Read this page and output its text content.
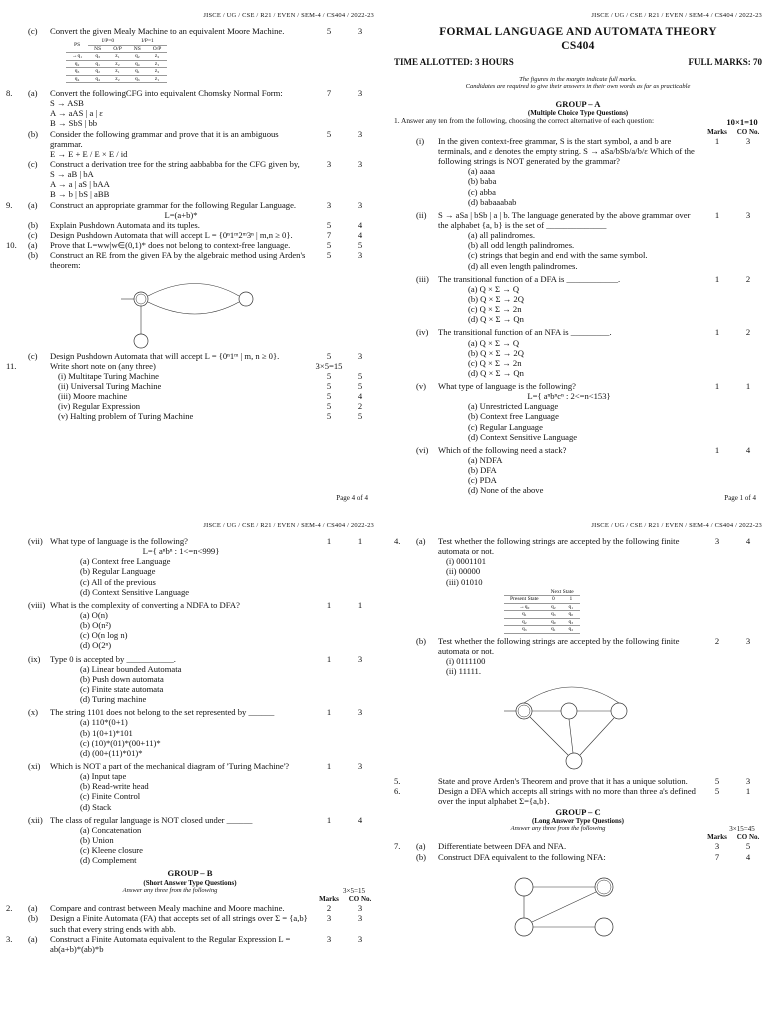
JISCE / UG / CSE / R21 / EVEN / SEM-4 / CS404 / 2022-23
(c)	Convert the given Mealy Machine to an equivalent Moore Machine.	5	3
PS	I/P=0		I/P=1	
	NS	O/P	NS	O/P
→q₁	q₃	z₁	q₂	z₂
q₂	q₁	z₂	q₄	z₁
q₃	q₂	z₁	q₁	z₂
q₄	q₄	z₂	q₃	z₁
8.	(a)	Convert the followingCFG into equivalent Chomsky Normal Form:
S → ASB
A → aAS | a | ε
B → SbS | bb
7	3
(b)	Consider the following grammar and prove that it is an ambiguous grammar.
E → E + E / E × E / id
5	3
(c)	Construct a derivation tree for the string aabbabba for the CFG given by,
S → aB | bA
A → a | aS | bAA
B → b | bS | aBB
3	3
9.	(a)	Construct an appropriate grammar for the following Regular Language.
L=(a+b)*
3	3
(b)	Explain Pushdown Automata and its tuples.	5	4
(c)	Design Pushdown Automata that will accept L = {0ⁿ1ᵐ2ᵐ3ⁿ | m,n ≥ 0}.	7	4
10.	(a)	Prove that L=ww|w∈(0,1)* does not belong to context-free language.	5	5
(b)	Construct an RE from the given FA by the algebraic method using Arden's theorem:
5	3
(c)	Design Pushdown Automata that will accept L = {0ⁿ1ᵐ | m, n ≥ 0}.	5	3
11.	Write short note on (any three)	3×5=15
(i) Multitape Turing Machine	5	5
(ii) Universal Turing Machine	5	5
(iii) Moore machine	5	4
(iv) Regular Expression	5	2
(v) Halting problem of Turing Machine	5	5
Page 4 of 4
JISCE / UG / CSE / R21 / EVEN / SEM-4 / CS404 / 2022-23
FORMAL LANGUAGE AND AUTOMATA THEORY
CS404
TIME ALLOTTED: 3 HOURS	FULL MARKS: 70
The figures in the margin indicate full marks.
Candidates are required to give their answers in their own words as far as practicable
GROUP – A
(Multiple Choice Type Questions)
1. Answer any ten from the following, choosing the correct alternative of each question:	10×1=10
Marks	CO No.
(i)	In the given context-free grammar, S is the start symbol, a and b are terminals, and ε denotes the empty string. S → aSa/bSb/a/b/ε Which of the following strings is NOT generated by the grammar?
(a) aaaa
(b) baba
(c) abba
(d) babaaabab
1	3
(ii)	S → aSa | bSb | a | b. The language generated by the above grammar over the alphabet {a, b} is the set of ______________
(a) all palindromes.
(b) all odd length palindromes.
(c) strings that begin and end with the same symbol.
(d) all even length palindromes.
1	3
(iii)	The transitional function of a DFA is ____________.
(a) Q × Σ → Q
(b) Q × Σ → 2Q
(c) Q × Σ → 2n
(d) Q × Σ → Qn
1	2
(iv)	The transitional function of an NFA is _________.
(a) Q × Σ → Q
(b) Q × Σ → 2Q
(c) Q × Σ → 2n
(d) Q × Σ → Qn
1	2
(v)	What type of language is the following?
L={ aⁿbⁿcⁿ : 2<=n<153}
(a) Unrestricted Language
(b) Context free Language
(c) Regular Language
(d) Context Sensitive Language
1	1
(vi)	Which of the following need a stack?
(a) NDFA
(b) DFA
(c) PDA
(d) None of the above
1	4
Page 1 of 4
JISCE / UG / CSE / R21 / EVEN / SEM-4 / CS404 / 2022-23
(vii) What type of language is the following?
L={ aⁿbⁿ : 1<=n<999}
(a) Context free Language
(b) Regular Language
(c) All of the previous
(d) Context Sensitive Language
1	1
(viii) What is the complexity of converting a NDFA to DFA?
(a) O(n)
(b) O(n²)
(c) O(n log n)
(d) O(2ⁿ)
1	1
(ix)	Type 0 is accepted by ___________.
(a) Linear bounded Automata
(b) Push down automata
(c) Finite state automata
(d) Turing machine
1	3
(x)	The string 1101 does not belong to the set represented by ______
(a) 110*(0+1)
(b) 1(0+1)*101
(c) (10)*(01)*(00+11)*
(d) (00+(11)*01)*
1	3
(xi)	Which is NOT a part of the mechanical diagram of 'Turing Machine'?
(a) Input tape
(b) Read-write head
(c) Finite Control
(d) Stack
1	3
(xii) The class of regular language is NOT closed under ______
(a) Concatenation
(b) Union
(c) Kleene closure
(d) Complement
1	4
GROUP – B
(Short Answer Type Questions)
Answer any three from the following	3×5=15
Marks	CO No.
2.	(a)	Compare and contrast between Mealy machine and Moore machine.	2	3
(b)	Design a Finite Automata (FA) that accepts set of all strings over Σ = {a,b} such that every string ends with abb.
3	3
3.	(a)	Construct a Finite Automata equivalent to the Regular Expression L = ab(a+b)*(ab)*b
3	3
JISCE / UG / CSE / R21 / EVEN / SEM-4 / CS404 / 2022-23
4.	(a)	Test whether the following strings are accepted by the following finite automata or not.
(i) 0001101
(ii) 00000
(iii) 01010
3	4
	Next State	
Present State	0	1
→q₀	q₂	q₁
q₁	q₃	q₀
q₂	q₀	q₃
q₃	q₁	q₂
(b)	Test whether the following strings are accepted by the following finite automata or not.
(i) 0111100
(ii) 11111.
2	3
5.	State and prove Arden's Theorem and prove that it has a unique solution.	5	3
6.	Design a DFA which accepts all strings with no more than three a's defined over the input alphabet Σ={a,b}.
5	1
GROUP – C
(Long Answer Type Questions)
Answer any three from the following	3×15=45
Marks	CO No.
7.	(a)	Differentiate between DFA and NFA.	3	5
(b)	Construct DFA equivalent to the following NFA:	7	4
